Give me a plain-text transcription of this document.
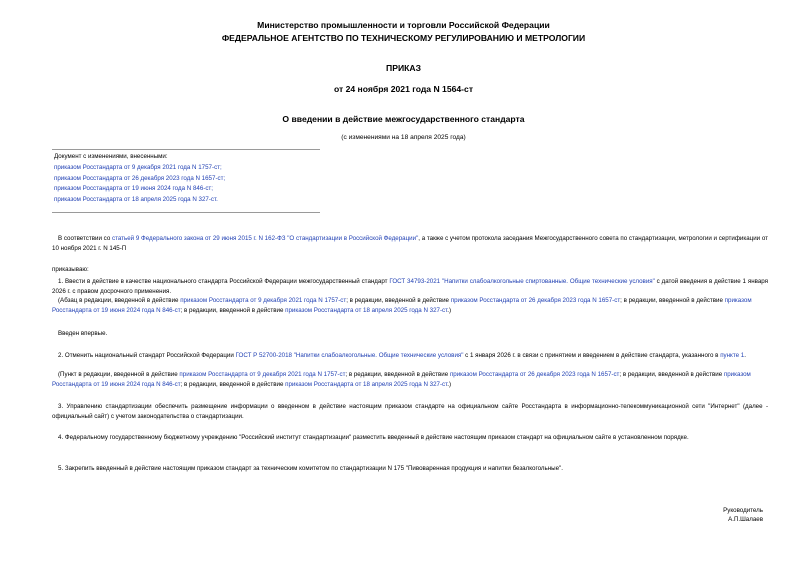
Министерство промышленности и торговли Российской Федерации
ФЕДЕРАЛЬНОЕ АГЕНТСТВО ПО ТЕХНИЧЕСКОМУ РЕГУЛИРОВАНИЮ И МЕТРОЛОГИИ
ПРИКАЗ
от 24 ноября 2021 года N 1564-ст
О введении в действие межгосударственного стандарта
(с изменениями на 18 апреля 2025 года)
Документ с изменениями, внесенными:
приказом Росстандарта от 9 декабря 2021 года N 1757-ст;
приказом Росстандарта от 26 декабря 2023 года N 1657-ст;
приказом Росстандарта от 19 июня 2024 года N 846-ст;
приказом Росстандарта от 18 апреля 2025 года N 327-ст.
В соответствии со статьей 9 Федерального закона от 29 июня 2015 г. N 162-ФЗ "О стандартизации в Российской Федерации", а также с учетом протокола заседания Межгосударственного совета по стандартизации, метрологии и сертификации от 10 ноября 2021 г. N 145-П
приказываю:
1. Ввести в действие в качестве национального стандарта Российской Федерации межгосударственный стандарт ГОСТ 34793-2021 "Напитки слабоалкогольные спиртованные. Общие технические условия" с датой введения в действие 1 января 2026 г. с правом досрочного применения.
(Абзац в редакции, введенной в действие приказом Росстандарта от 9 декабря 2021 года N 1757-ст; в редакции, введенной в действие приказом Росстандарта от 26 декабря 2023 года N 1657-ст; в редакции, введенной в действие приказом Росстандарта от 19 июня 2024 года N 846-ст; в редакции, введенной в действие приказом Росстандарта от 18 апреля 2025 года N 327-ст.)
Введен впервые.
2. Отменить национальный стандарт Российской Федерации ГОСТ Р 52700-2018 "Напитки слабоалкогольные. Общие технические условия" с 1 января 2026 г. в связи с принятием и введением в действие стандарта, указанного в пункте 1.
(Пункт в редакции, введенной в действие приказом Росстандарта от 9 декабря 2021 года N 1757-ст; в редакции, введенной в действие приказом Росстандарта от 26 декабря 2023 года N 1657-ст; в редакции, введенной в действие приказом Росстандарта от 19 июня 2024 года N 846-ст; в редакции, введенной в действие приказом Росстандарта от 18 апреля 2025 года N 327-ст.)
3. Управлению стандартизации обеспечить размещение информации о введенном в действие настоящим приказом стандарте на официальном сайте Росстандарта в информационно-телекоммуникационной сети "Интернет" (далее - официальный сайт) с учетом законодательства о стандартизации.
4. Федеральному государственному бюджетному учреждению "Российский институт стандартизации" разместить введенный в действие настоящим приказом стандарт на официальном сайте в установленном порядке.
5. Закрепить введенный в действие настоящим приказом стандарт за техническим комитетом по стандартизации N 175 "Пивоваренная продукция и напитки безалкогольные".
Руководитель
А.П.Шалаев
